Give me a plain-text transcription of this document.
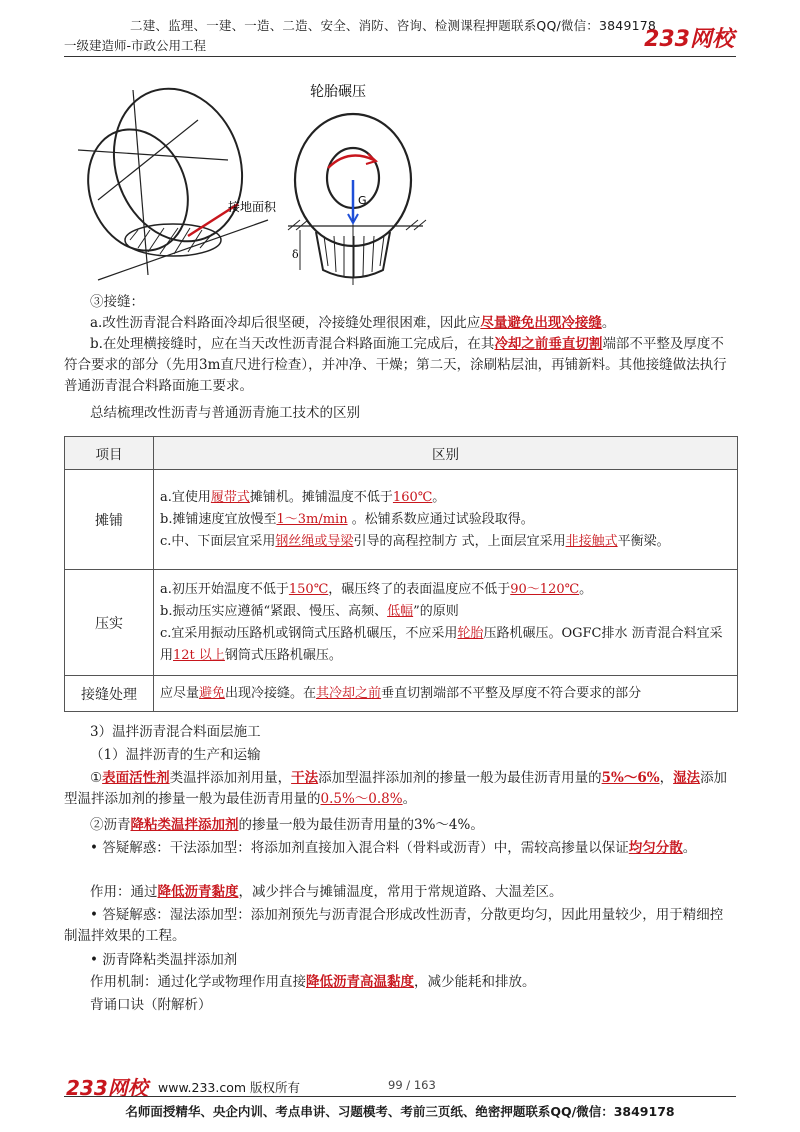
二建、监理、一建、一造、二造、安全、消防、咨询、检测课程押题联系QQ/微信：3849178
一级建造师-市政公用工程	233网校
接地面积
轮胎碾压
G
δ
③接缝：
a.改性沥青混合料路面冷却后很坚硬，冷接缝处理很困难，因此应尽量避免出现冷接缝。
b.在处理横接缝时，应在当天改性沥青混合料路面施工完成后，在其冷却之前垂直切割端部不平整及厚度不符合要求的部分（先用3m直尺进行检查），并冲净、干燥；第二天，涂刷粘层油，再铺新料。其他接缝做法执行普通沥青混合料路面施工要求。
总结梳理改性沥青与普通沥青施工技术的区别
项目	区别
摊铺	a.宜使用履带式摊铺机。摊铺温度不低于160℃。
b.摊铺速度宜放慢至1～3m/min 。松铺系数应通过试验段取得。
c.中、下面层宜采用钢丝绳或导梁引导的高程控制方 式，上面层宜采用非接触式平衡梁。

压实	a.初压开始温度不低于150℃，碾压终了的表面温度应不低于90～120℃。
b.振动压实应遵循“紧跟、慢压、高频、低幅”的原则
c.宜采用振动压路机或钢筒式压路机碾压，不应采用轮胎压路机碾压。OGFC排水 沥青混合料宜采用12t 以上钢筒式压路机碾压。

接缝处理	应尽量避免出现冷接缝。在其冷却之前垂直切割端部不平整及厚度不符合要求的部分
3）温拌沥青混合料面层施工
（1）温拌沥青的生产和运输
①表面活性剂类温拌添加剂用量，干法添加型温拌添加剂的掺量一般为最佳沥青用量的5%～6%，湿法添加型温拌添加剂的掺量一般为最佳沥青用量的0.5%～0.8%。
②沥青降粘类温拌添加剂的掺量一般为最佳沥青用量的3%～4%。
• 答疑解惑：干法添加型：将添加剂直接加入混合料（骨料或沥青）中，需较高掺量以保证均匀分散。
作用：通过降低沥青黏度，减少拌合与摊铺温度，常用于常规道路、大温差区。
• 答疑解惑：湿法添加型：添加剂预先与沥青混合形成改性沥青，分散更均匀，因此用量较少，用于精细控制温拌效果的工程。
• 沥青降粘类温拌添加剂
作用机制：通过化学或物理作用直接降低沥青高温黏度，减少能耗和排放。
背诵口诀（附解析）
233网校 www.233.com 版权所有	99 / 163
名师面授精华、央企内训、考点串讲、习题模考、考前三页纸、绝密押题联系QQ/微信：3849178
